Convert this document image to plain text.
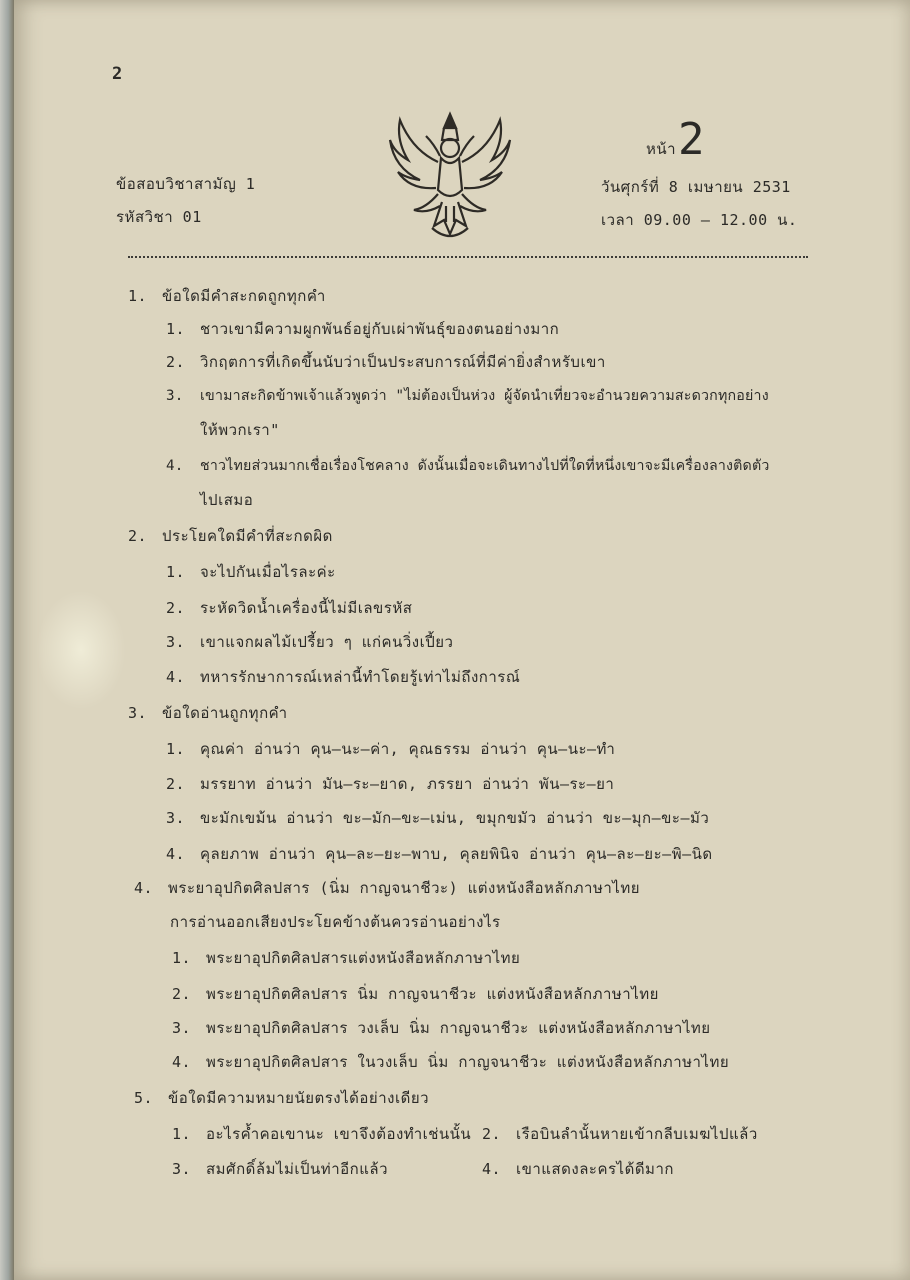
2
ข้อสอบวิชาสามัญ 1
รหัสวิชา 01
หน้า 2
วันศุกร์ที่ 8 เมษายน 2531
เวลา 09.00 – 12.00 น.
1. ข้อใดมีคำสะกดถูกทุกคำ
1. ชาวเขามีความผูกพันธ์อยู่กับเผ่าพันธุ์ของตนอย่างมาก
2. วิกฤตการที่เกิดขึ้นนับว่าเป็นประสบการณ์ที่มีค่ายิ่งสำหรับเขา
3. เขามาสะกิดข้าพเจ้าแล้วพูดว่า "ไม่ต้องเป็นห่วง ผู้จัดนำเที่ยวจะอำนวยความสะดวกทุกอย่าง
ให้พวกเรา"
4. ชาวไทยส่วนมากเชื่อเรื่องโชคลาง ดังนั้นเมื่อจะเดินทางไปที่ใดที่หนึ่งเขาจะมีเครื่องลางติดตัว
ไปเสมอ
2. ประโยคใดมีคำที่สะกดผิด
1. จะไปกันเมื่อไรละค่ะ
2. ระหัดวิดน้ำเครื่องนี้ไม่มีเลขรหัส
3. เขาแจกผลไม้เปรี้ยว ๆ แก่คนวิ่งเปี้ยว
4. ทหารรักษาการณ์เหล่านี้ทำโดยรู้เท่าไม่ถึงการณ์
3. ข้อใดอ่านถูกทุกคำ
1. คุณค่า อ่านว่า คุน–นะ–ค่า, คุณธรรม อ่านว่า คุน–นะ–ทำ
2. มรรยาท อ่านว่า มัน–ระ–ยาด, ภรรยา อ่านว่า พัน–ระ–ยา
3. ขะมักเขม้น อ่านว่า ขะ–มัก–ขะ–เม่น, ขมุกขมัว อ่านว่า ขะ–มุก–ขะ–มัว
4. คุลยภาพ อ่านว่า คุน–ละ–ยะ–พาบ, คุลยพินิจ อ่านว่า คุน–ละ–ยะ–พิ–นิด
4. พระยาอุปกิตศิลปสาร (นิ่ม กาญจนาชีวะ) แต่งหนังสือหลักภาษาไทย
การอ่านออกเสียงประโยคข้างต้นควรอ่านอย่างไร
1. พระยาอุปกิตศิลปสารแต่งหนังสือหลักภาษาไทย
2. พระยาอุปกิตศิลปสาร นิ่ม กาญจนาชีวะ แต่งหนังสือหลักภาษาไทย
3. พระยาอุปกิตศิลปสาร วงเล็บ นิ่ม กาญจนาชีวะ แต่งหนังสือหลักภาษาไทย
4. พระยาอุปกิตศิลปสาร ในวงเล็บ นิ่ม กาญจนาชีวะ แต่งหนังสือหลักภาษาไทย
5. ข้อใดมีความหมายนัยตรงได้อย่างเดียว
1. อะไรค้ำคอเขานะ เขาจึงต้องทำเช่นนั้น 2. เรือบินลำนั้นหายเข้ากลีบเมฆไปแล้ว
3. สมศักดิ์ล้มไม่เป็นท่าอีกแล้ว	4. เขาแสดงละครได้ดีมาก
